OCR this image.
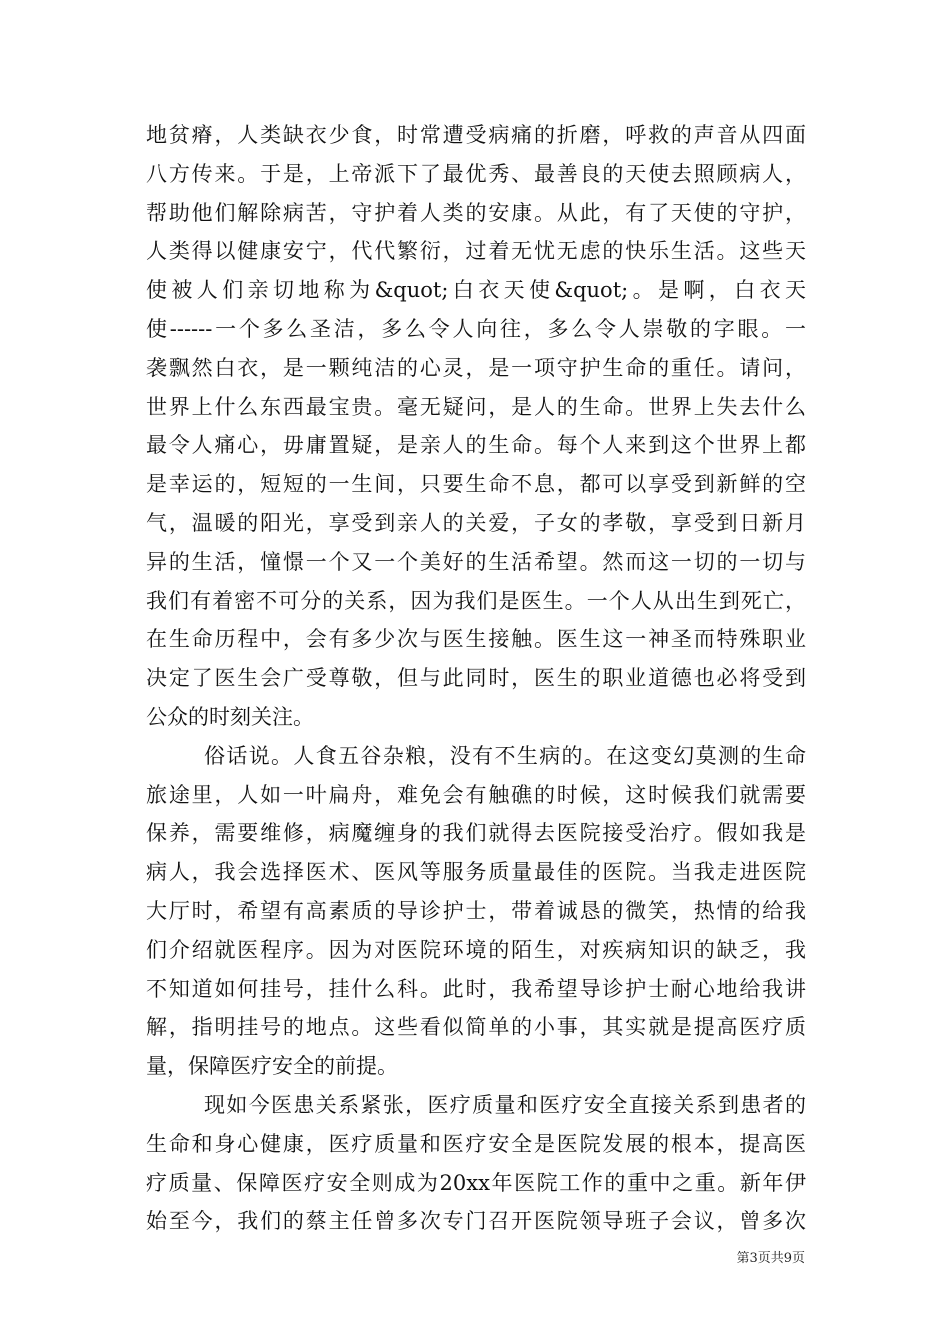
地贫瘠，人类缺衣少食，时常遭受病痛的折磨，呼救的声音从四面
八方传来。于是，上帝派下了最优秀、最善良的天使去照顾病人，
帮助他们解除病苦，守护着人类的安康。从此，有了天使的守护，
人类得以健康安宁，代代繁衍，过着无忧无虑的快乐生活。这些天
使被人们亲切地称为&quot;白衣天使&quot;。是啊，白衣天
使------一个多么圣洁，多么令人向往，多么令人崇敬的字眼。一
袭飘然白衣，是一颗纯洁的心灵，是一项守护生命的重任。请问，
世界上什么东西最宝贵。毫无疑问，是人的生命。世界上失去什么
最令人痛心，毋庸置疑，是亲人的生命。每个人来到这个世界上都
是幸运的，短短的一生间，只要生命不息，都可以享受到新鲜的空
气，温暖的阳光，享受到亲人的关爱，子女的孝敬，享受到日新月
异的生活，憧憬一个又一个美好的生活希望。然而这一切的一切与
我们有着密不可分的关系，因为我们是医生。一个人从出生到死亡，
在生命历程中，会有多少次与医生接触。医生这一神圣而特殊职业
决定了医生会广受尊敬，但与此同时，医生的职业道德也必将受到
公众的时刻关注。
俗话说。人食五谷杂粮，没有不生病的。在这变幻莫测的生命
旅途里，人如一叶扁舟，难免会有触礁的时候，这时候我们就需要
保养，需要维修，病魔缠身的我们就得去医院接受治疗。假如我是
病人，我会选择医术、医风等服务质量最佳的医院。当我走进医院
大厅时，希望有高素质的导诊护士，带着诚恳的微笑，热情的给我
们介绍就医程序。因为对医院环境的陌生，对疾病知识的缺乏，我
不知道如何挂号，挂什么科。此时，我希望导诊护士耐心地给我讲
解，指明挂号的地点。这些看似简单的小事，其实就是提高医疗质
量，保障医疗安全的前提。
现如今医患关系紧张，医疗质量和医疗安全直接关系到患者的
生命和身心健康，医疗质量和医疗安全是医院发展的根本，提高医
疗质量、保障医疗安全则成为20xx年医院工作的重中之重。新年伊
始至今，我们的蔡主任曾多次专门召开医院领导班子会议，曾多次
第3页共9页
